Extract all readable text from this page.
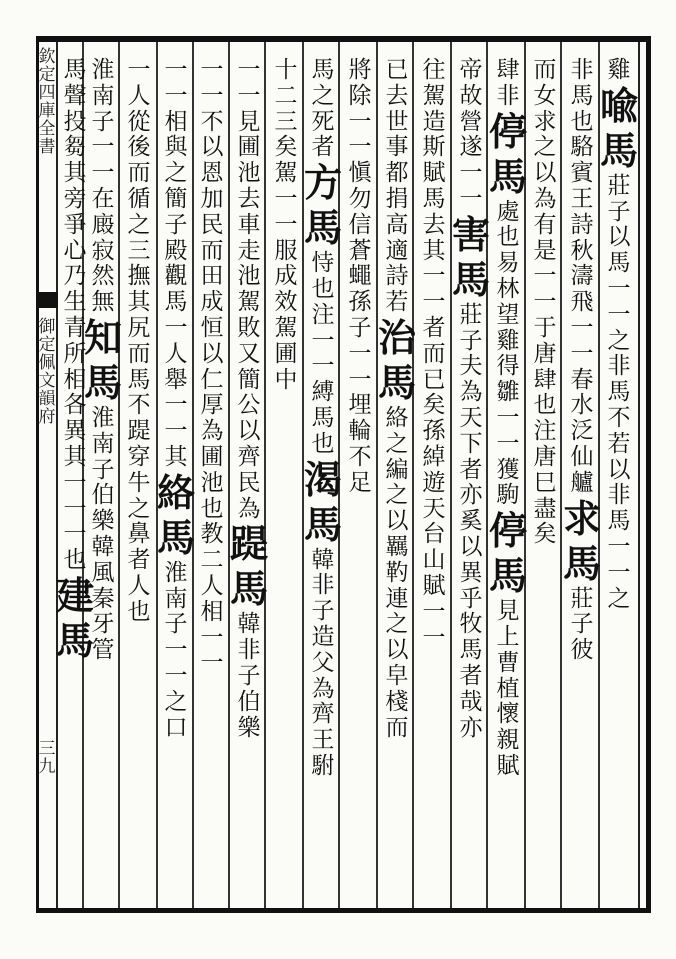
欽
定
四
庫
全
書
御
定
佩
文
韻
府
三
九
雞
喩
馬
莊
子
以
馬
一
一
之
非
馬
不
若
以
非
馬
一
一
之
非
馬
也
駱
賓
王
詩
秋
濤
飛
一
一
春
水
泛
仙
艫
求
馬
莊
子
彼
而
女
求
之
以
為
有
是
一
一
于
唐
肆
也
注
唐
巳
盡
矣
肆
非
停
馬
處
也
易
林
望
雞
得
雛
一
一
獲
駒
停
馬
見
上
曹
植
懷
親
賦
帝
故
營
遂
一
一
害
馬
莊
子
夫
為
天
下
者
亦
奚
以
異
乎
牧
馬
者
哉
亦
往
駕
造
斯
賦
馬
去
其
一
一
者
而
已
矣
孫
綽
遊
天
台
山
賦
一
一
已
去
世
事
都
捐
高
適
詩
若
治
馬
絡
之
編
之
以
羈
靮
連
之
以
皁
棧
而
將
除
一
一
愼
勿
信
蒼
蠅
孫
子
一
一
埋
輪
不
足
馬
之
死
者
方
馬
恃
也
注
一
一
縛
馬
也
渴
馬
韓
非
子
造
父
為
齊
王
駙
十
二
三
矣
駕
一
一
服
成
效
駕
圃
中
一
一
見
圃
池
去
車
走
池
駕
敗
又
簡
公
以
齊
民
為
踶
馬
韓
非
子
伯
樂
一
一
不
以
恩
加
民
而
田
成
恒
以
仁
厚
為
圃
池
也
教
二
人
相
一
一
一
一
相
與
之
簡
子
殿
觀
馬
一
人
舉
一
一
其
絡
馬
淮
南
子
一
一
之
口
一
人
從
後
而
循
之
三
撫
其
尻
而
馬
不
踶
穿
牛
之
鼻
者
人
也
淮
南
子
一
一
在
廄
寂
然
無
知
馬
淮
南
子
伯
樂
韓
風
秦
牙
管
馬
聲
投
芻
其
旁
爭
心
乃
生
青
所
相
各
異
其
一
一
一
也
建
馬
